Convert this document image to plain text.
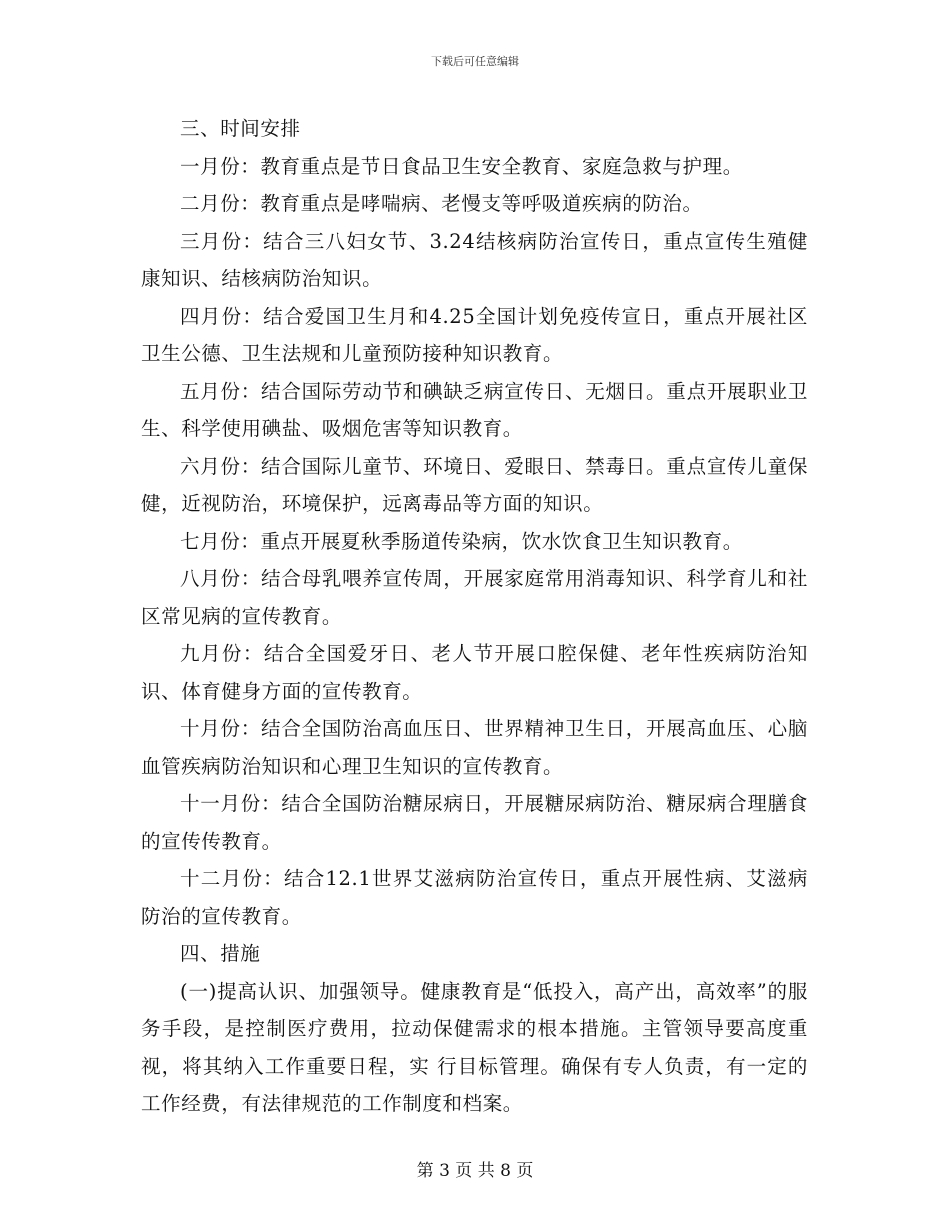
下载后可任意编辑

三、时间安排

一月份：教育重点是节日食品卫生安全教育、家庭急救与护理。

二月份：教育重点是哮喘病、老慢支等呼吸道疾病的防治。

三月份：结合三八妇女节、3.24结核病防治宣传日，重点宣传生殖健康知识、结核病防治知识。

四月份：结合爱国卫生月和4.25全国计划免疫传宣日，重点开展社区卫生公德、卫生法规和儿童预防接种知识教育。

五月份：结合国际劳动节和碘缺乏病宣传日、无烟日。重点开展职业卫生、科学使用碘盐、吸烟危害等知识教育。

六月份：结合国际儿童节、环境日、爱眼日、禁毒日。重点宣传儿童保健，近视防治，环境保护，远离毒品等方面的知识。

七月份：重点开展夏秋季肠道传染病，饮水饮食卫生知识教育。

八月份：结合母乳喂养宣传周，开展家庭常用消毒知识、科学育儿和社区常见病的宣传教育。

九月份：结合全国爱牙日、老人节开展口腔保健、老年性疾病防治知识、体育健身方面的宣传教育。

十月份：结合全国防治高血压日、世界精神卫生日，开展高血压、心脑血管疾病防治知识和心理卫生知识的宣传教育。

十一月份：结合全国防治糖尿病日，开展糖尿病防治、糖尿病合理膳食的宣传传教育。

十二月份：结合12.1世界艾滋病防治宣传日，重点开展性病、艾滋病防治的宣传教育。

四、措施

(一)提高认识、加强领导。健康教育是“低投入，高产出，高效率”的服务手段，是控制医疗费用，拉动保健需求的根本措施。主管领导要高度重视，将其纳入工作重要日程，实 行目标管理。确保有专人负责，有一定的工作经费，有法律规范的工作制度和档案。

第 3 页 共 8 页
